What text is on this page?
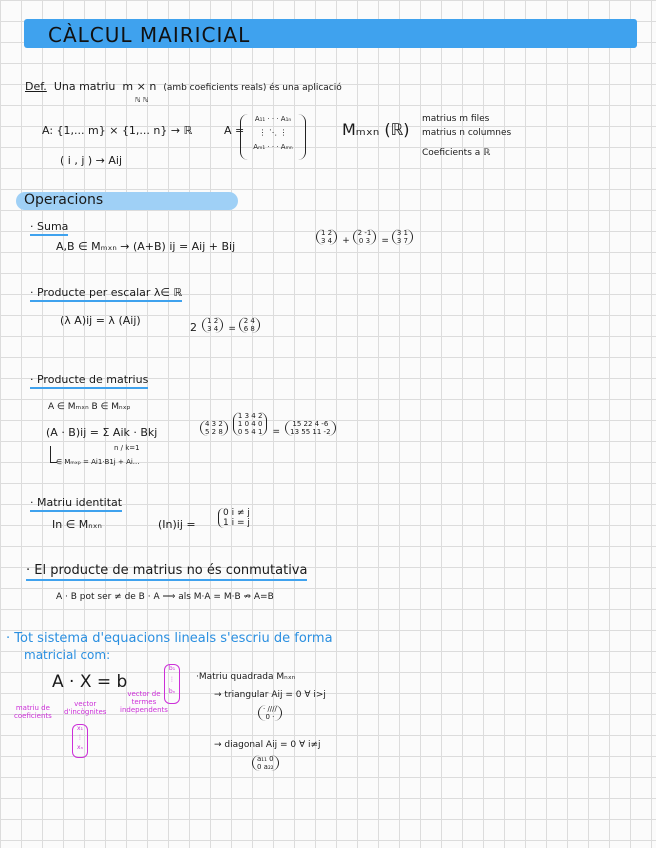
CÀLCUL MAIRICIAL
Def. Una matriu m × n (amb coeficients reals) és una aplicació
ℕ ℕ
A: {1,... m} × {1,... n} → ℝ
( i , j ) → Aij
A =
A₁₁ · · · A₁ₙ

⋮ ⋱ ⋮
Aₘ₁ · · · Aₘₙ
Mₘₓₙ (ℝ)
matrius m files
matrius n columnes
Coeficients a ℝ
Operacions
· Suma
A,B ∈ Mₘₓₙ → (A+B) ij = Aij + Bij
1 2
3 4 + 2 -1
0 3 = 3 1
3 7
· Producte per escalar λ∈ ℝ
(λ A)ij = λ (Aij)
2 1 2
3 4 = 2 4
6 8
· Producte de matrius
A ∈ Mₘₓₙ B ∈ Mₙₓₚ
(A · B)ij = Σ Aik · Bkj
n / k=1
∈ Mₘₓₚ = Ai1·B1j + Ai...
4 3 2
5 2 8 1 3 4 2
1 0 4 0
0 5 4 1 = 15 22 4 -6
13 55 11 -2
· Matriu identitat
In ∈ Mₙₓₙ	(In)ij =
0 i ≠ j
1 i = j
· El producte de matrius no és conmutativa
A · B pot ser ≠ de B · A ⟹ als M·A = M·B ⇏ A=B
· Tot sistema d'equacions lineals s'escriu de forma
matricial com:
A · X = b
matriu de
coeficients
vector
d'incògnites
vector de
termes
independents
b₁
⋮
bₙ
x₁
⋮
xₙ
·Matriu quadrada Mₙₓₙ
→ triangular Aij = 0 ∀ i>j
· ////
0 ·
→ diagonal Aij = 0 ∀ i≠j
a₁₁ 0
0 a₂₂
